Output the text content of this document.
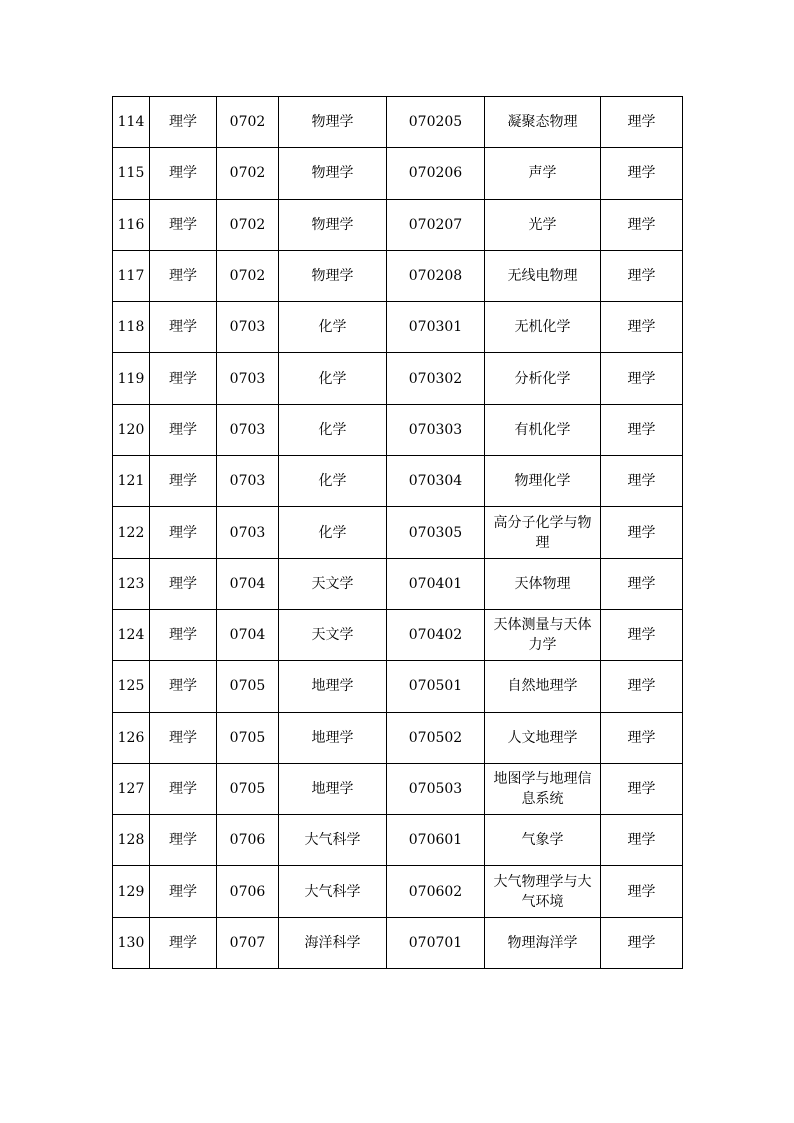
114	理学	0702	物理学	070205	凝聚态物理	理学
115	理学	0702	物理学	070206	声学	理学
116	理学	0702	物理学	070207	光学	理学
117	理学	0702	物理学	070208	无线电物理	理学
118	理学	0703	化学	070301	无机化学	理学
119	理学	0703	化学	070302	分析化学	理学
120	理学	0703	化学	070303	有机化学	理学
121	理学	0703	化学	070304	物理化学	理学
122	理学	0703	化学	070305	高分子化学与物理	理学
123	理学	0704	天文学	070401	天体物理	理学
124	理学	0704	天文学	070402	天体测量与天体力学	理学
125	理学	0705	地理学	070501	自然地理学	理学
126	理学	0705	地理学	070502	人文地理学	理学
127	理学	0705	地理学	070503	地图学与地理信息系统	理学
128	理学	0706	大气科学	070601	气象学	理学
129	理学	0706	大气科学	070602	大气物理学与大气环境	理学
130	理学	0707	海洋科学	070701	物理海洋学	理学
